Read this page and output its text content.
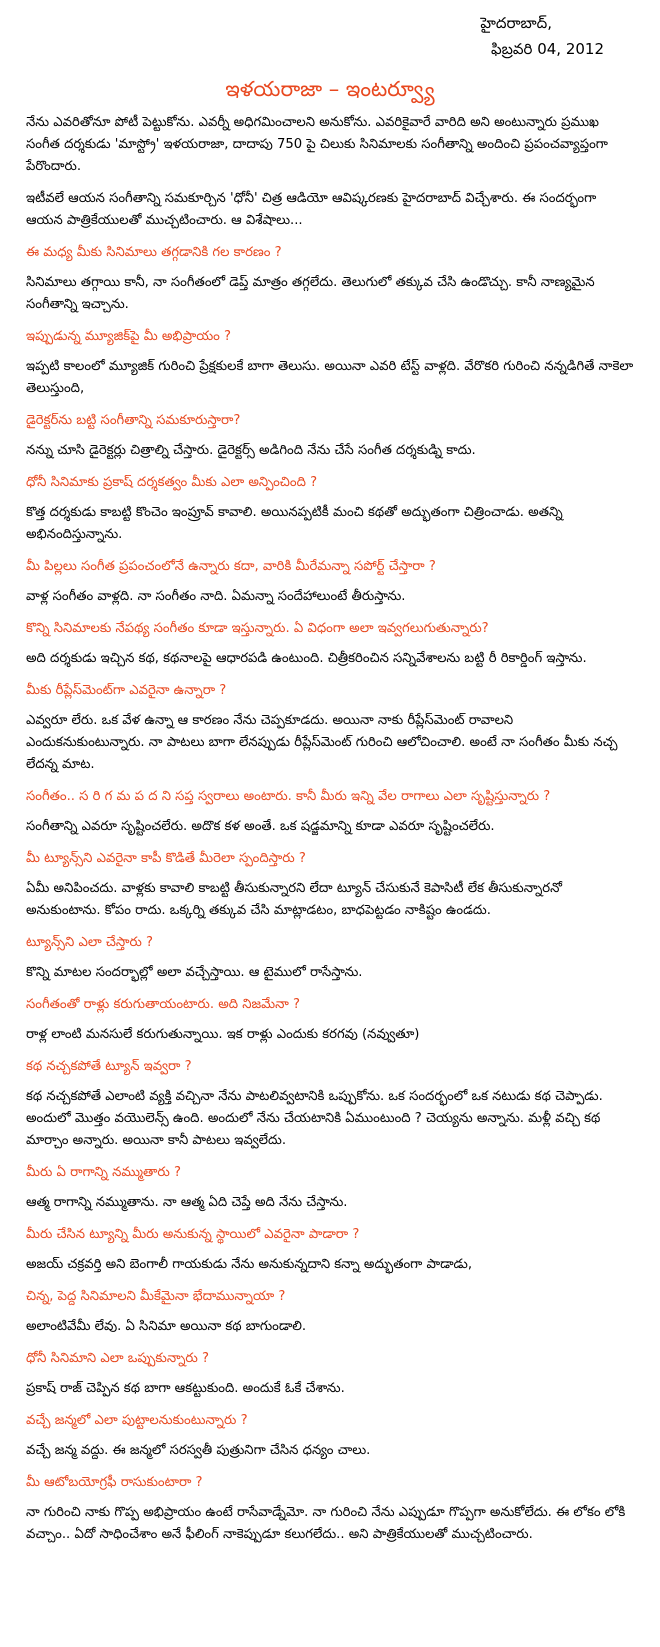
హైదరాబాద్,
ఫిబ్రవరి 04, 2012
ఇళయరాజా – ఇంటర్వ్యూ

నేను ఎవరితోనూ పోటీ పెట్టుకోను. ఎవర్నీ అధిగమించాలని అనుకోను. ఎవరికైవారే వారిది అని అంటున్నారు ప్రముఖ సంగీత దర్శకుడు 'మాస్ట్రో' ఇళయరాజా, దాదాపు 750 పై చిలుకు సినిమాలకు సంగీతాన్ని అందించి ప్రపంచవ్యాప్తంగా పేరొందారు.

ఇటీవలే ఆయన సంగీతాన్ని సమకూర్చిన 'ధోనీ' చిత్ర ఆడియో ఆవిష్కరణకు హైదరాబాద్ విచ్చేశారు. ఈ సందర్భంగా ఆయన పాత్రికేయులతో ముచ్చటించారు. ఆ విశేషాలు...

ఈ మధ్య మీకు సినిమాలు తగ్గడానికి గల కారణం ?
సినిమాలు తగ్గాయి కానీ, నా సంగీతంలో డెప్త్ మాత్రం తగ్గలేదు. తెలుగులో తక్కువ చేసి ఉండొచ్చు. కానీ నాణ్యమైన సంగీతాన్ని ఇచ్చాను.
ఇప్పుడున్న మ్యూజిక్‌పై మీ అభిప్రాయం ?
ఇప్పటి కాలంలో మ్యూజిక్ గురించి ప్రేక్షకులకే బాగా తెలుసు. అయినా ఎవరి టేస్ట్ వాళ్లది. వేరొకరి గురించి నన్నడిగితే నాకెలా తెలుస్తుంది,
డైరెక్టర్‌ను బట్టి సంగీతాన్ని సమకూరుస్తారా?
నన్ను చూసి డైరెక్టర్లు చిత్రాల్ని చేస్తారు. డైరెక్టర్స్ అడిగింది నేను చేసే సంగీత దర్శకుడ్ని కాదు.
ధోనీ సినిమాకు ప్రకాష్ దర్శకత్వం మీకు ఎలా అన్పించింది ?
కొత్త దర్శకుడు కాబట్టి కొంచెం ఇంప్రూవ్ కావాలి. అయినప్పటికీ మంచి కథతో అద్భుతంగా చిత్రించాడు. అతన్ని అభినందిస్తున్నాను.
మీ పిల్లలు సంగీత ప్రపంచంలోనే ఉన్నారు కదా, వారికి మీరేమన్నా సపోర్ట్ చేస్తారా ?
వాళ్ల సంగీతం వాళ్లది. నా సంగీతం నాది. ఏమన్నా సందేహాలుంటే తీరుస్తాను.
కొన్ని సినిమాలకు నేపథ్య సంగీతం కూడా ఇస్తున్నారు. ఏ విధంగా అలా ఇవ్వగలుగుతున్నారు?
అది దర్శకుడు ఇచ్చిన కథ, కథనాలపై ఆధారపడి ఉంటుంది. చిత్రీకరించిన సన్నివేశాలను బట్టి రీ రికార్డింగ్ ఇస్తాను.
మీకు రీప్లేస్‌మెంట్‌గా ఎవరైనా ఉన్నారా ?
ఎవ్వరూ లేరు. ఒక వేళ ఉన్నా ఆ కారణం నేను చెప్పకూడదు. అయినా నాకు రీప్లేస్‌మెంట్ రావాలని ఎందుకనుకుంటున్నారు. నా పాటలు బాగా లేనప్పుడు రీప్లేస్‌మెంట్ గురించి ఆలోచించాలి. అంటే నా సంగీతం మీకు నచ్చ లేదన్న మాట.
సంగీతం.. స రి గ మ ప ద ని సప్త స్వరాలు అంటారు. కానీ మీరు ఇన్ని వేల రాగాలు ఎలా సృష్టిస్తున్నారు ?
సంగీతాన్ని ఎవరూ సృష్టించలేరు. అదొక కళ అంతే. ఒక షడ్జమాన్ని కూడా ఎవరూ సృష్టించలేరు.
మీ ట్యూన్స్‌ని ఎవరైనా కాపీ కొడితే మీరెలా స్పందిస్తారు ?
ఏమీ అనిపించదు. వాళ్లకు కావాలి కాబట్టి తీసుకున్నారని లేదా ట్యూన్ చేసుకునే కెపాసిటీ లేక తీసుకున్నారనో అనుకుంటాను. కోపం రాదు. ఒక్కర్ని తక్కువ చేసి మాట్లాడటం, బాధపెట్టడం నాకిష్టం ఉండదు.
ట్యూన్స్‌ని ఎలా చేస్తారు ?
కొన్ని మాటల సందర్భాల్లో అలా వచ్చేస్తాయి. ఆ టైములో రాసేస్తాను.
సంగీతంతో రాళ్లు కరుగుతాయంటారు. అది నిజమేనా ?
రాళ్ల లాంటి మనసులే కరుగుతున్నాయి. ఇక రాళ్లు ఎందుకు కరగవు (నవ్వుతూ)
కథ నచ్చకపోతే ట్యూన్ ఇవ్వరా ?
కథ నచ్చకపోతే ఎలాంటి వ్యక్తి వచ్చినా నేను పాటలివ్వటానికి ఒప్పుకోను. ఒక సందర్భంలో ఒక నటుడు కథ చెప్పాడు. అందులో మొత్తం వయొలెన్స్ ఉంది. అందులో నేను చేయటానికి ఏముంటుంది ? చెయ్యను అన్నాను. మళ్లీ వచ్చి కథ మార్చాం అన్నారు. అయినా కానీ పాటలు ఇవ్వలేదు.
మీరు ఏ రాగాన్ని నమ్ముతారు ?
ఆత్మ రాగాన్ని నమ్ముతాను. నా ఆత్మ ఏది చెప్తే అది నేను చేస్తాను.
మీరు చేసిన ట్యూన్ని మీరు అనుకున్న స్థాయిలో ఎవరైనా పాడారా ?
అజయ్ చక్రవర్తి అని బెంగాలీ గాయకుడు నేను అనుకున్నదాని కన్నా అద్భుతంగా పాడాడు,
చిన్న, పెద్ద సినిమాలని మీకేమైనా భేదామున్నాయా ?
అలాంటివేమీ లేవు. ఏ సినిమా అయినా కథ బాగుండాలి.
ధోనీ సినిమాని ఎలా ఒప్పుకున్నారు ?
ప్రకాష్ రాజ్ చెప్పిన కథ బాగా ఆకట్టుకుంది. అందుకే ఓకే చేశాను.
వచ్చే జన్మలో ఎలా పుట్టాలనుకుంటున్నారు ?
వచ్చే జన్మ వద్దు. ఈ జన్మలో సరస్వతీ పుత్రునిగా చేసిన ధన్యం చాలు.
మీ ఆటోబయోగ్రఫీ రాసుకుంటారా ?
నా గురించి నాకు గొప్ప అభిప్రాయం ఉంటే రాసేవాడ్నేమో. నా గురించి నేను ఎప్పుడూ గొప్పగా అనుకోలేదు. ఈ లోకం లోకి వచ్చాం.. ఏదో సాధించేశాం అనే ఫీలింగ్ నాకెప్పుడూ కలుగలేదు.. అని పాత్రికేయులతో ముచ్చటించారు.
